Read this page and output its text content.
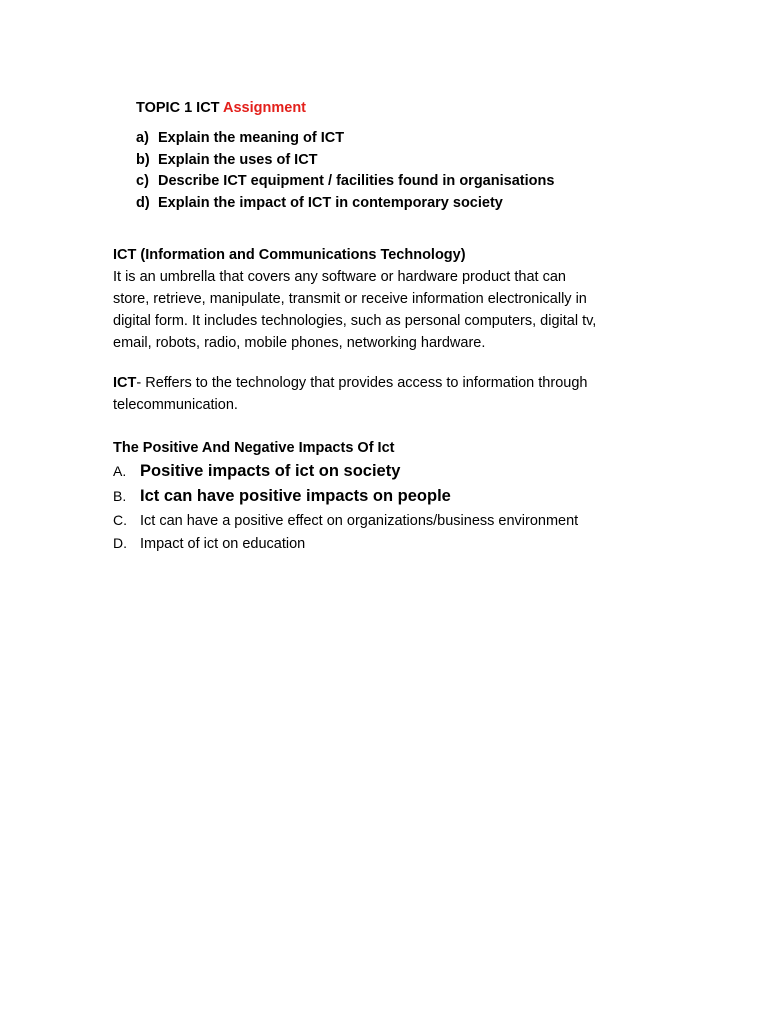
TOPIC 1 ICT Assignment
a) Explain the meaning of ICT
b) Explain the uses of ICT
c) Describe ICT equipment / facilities found in organisations
d) Explain the impact of ICT in contemporary society
ICT (Information and Communications Technology)
It is an umbrella that covers any software or hardware product that can
store, retrieve, manipulate, transmit or receive information electronically in
digital form. It includes technologies, such as personal computers, digital tv,
email, robots, radio, mobile phones, networking hardware.
ICT- Reffers to the technology that provides access to information through
telecommunication.
The Positive And Negative Impacts Of Ict
A. Positive impacts of ict on society
B. Ict can have positive impacts on people
C. Ict can have a positive effect on organizations/business environment
D. Impact of ict on education
